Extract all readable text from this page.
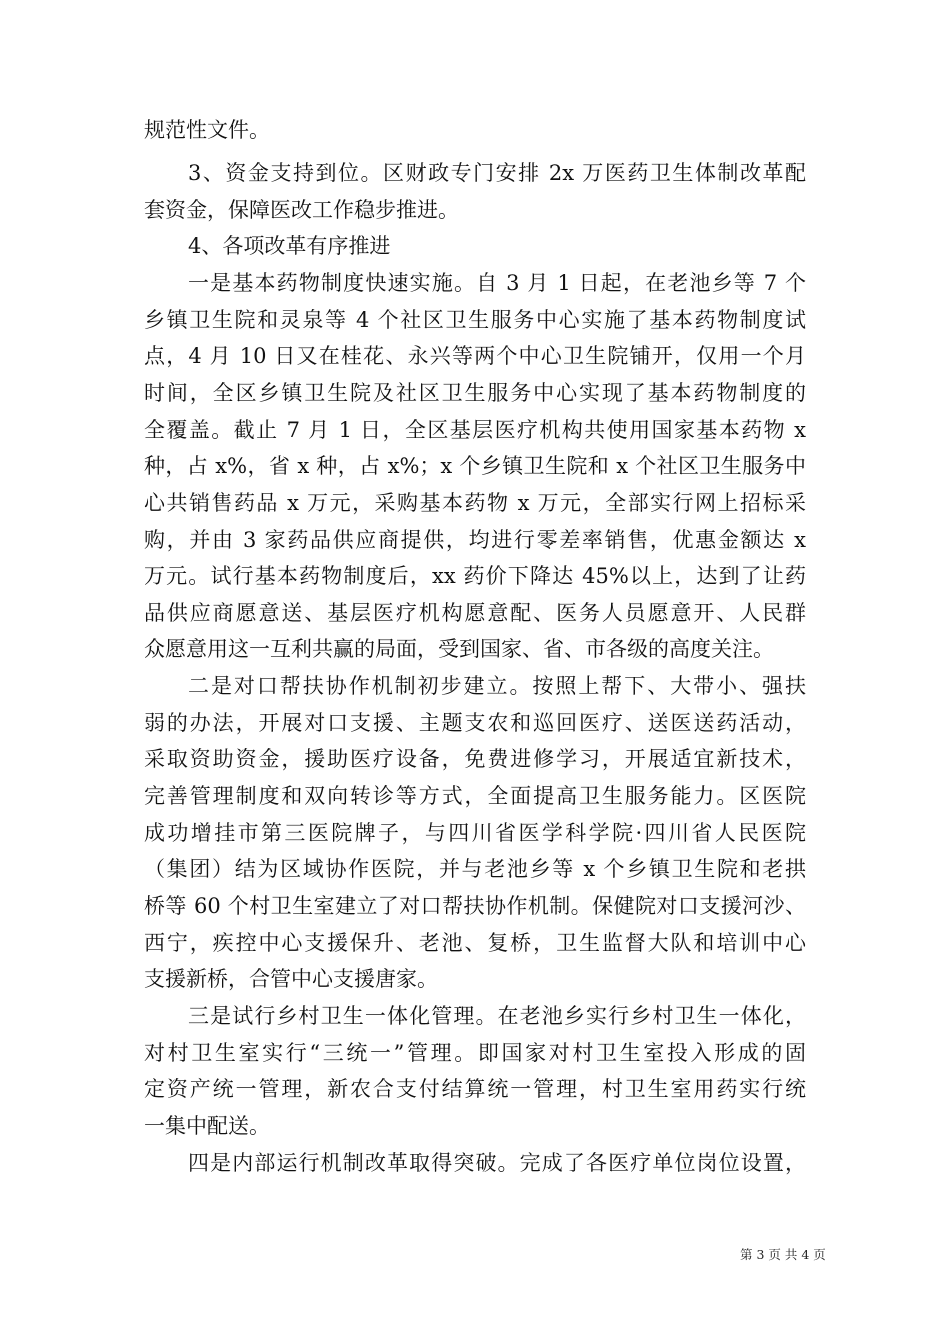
第 3 页 共 4 页
规范性文件。
3、资金支持到位。区财政专门安排 2x 万医药卫生体制改革配
套资金，保障医改工作稳步推进。
4、各项改革有序推进
一是基本药物制度快速实施。自 3 月 1 日起，在老池乡等 7 个
乡镇卫生院和灵泉等 4 个社区卫生服务中心实施了基本药物制度试
点，4 月 10 日又在桂花、永兴等两个中心卫生院铺开，仅用一个月
时间，全区乡镇卫生院及社区卫生服务中心实现了基本药物制度的
全覆盖。截止 7 月 1 日，全区基层医疗机构共使用国家基本药物 x
种，占 x%，省 x 种，占 x%；x 个乡镇卫生院和 x 个社区卫生服务中
心共销售药品 x 万元，采购基本药物 x 万元，全部实行网上招标采
购，并由 3 家药品供应商提供，均进行零差率销售，优惠金额达 x
万元。试行基本药物制度后，xx 药价下降达 45%以上，达到了让药
品供应商愿意送、基层医疗机构愿意配、医务人员愿意开、人民群
众愿意用这一互利共赢的局面，受到国家、省、市各级的高度关注。
二是对口帮扶协作机制初步建立。按照上帮下、大带小、强扶
弱的办法，开展对口支援、主题支农和巡回医疗、送医送药活动，
采取资助资金，援助医疗设备，免费进修学习，开展适宜新技术，
完善管理制度和双向转诊等方式，全面提高卫生服务能力。区医院
成功增挂市第三医院牌子，与四川省医学科学院·四川省人民医院
（集团）结为区域协作医院，并与老池乡等 x 个乡镇卫生院和老拱
桥等 60 个村卫生室建立了对口帮扶协作机制。保健院对口支援河沙、
西宁，疾控中心支援保升、老池、复桥，卫生监督大队和培训中心
支援新桥，合管中心支援唐家。
三是试行乡村卫生一体化管理。在老池乡实行乡村卫生一体化，
对村卫生室实行“三统一”管理。即国家对村卫生室投入形成的固
定资产统一管理，新农合支付结算统一管理，村卫生室用药实行统
一集中配送。
四是内部运行机制改革取得突破。完成了各医疗单位岗位设置，
